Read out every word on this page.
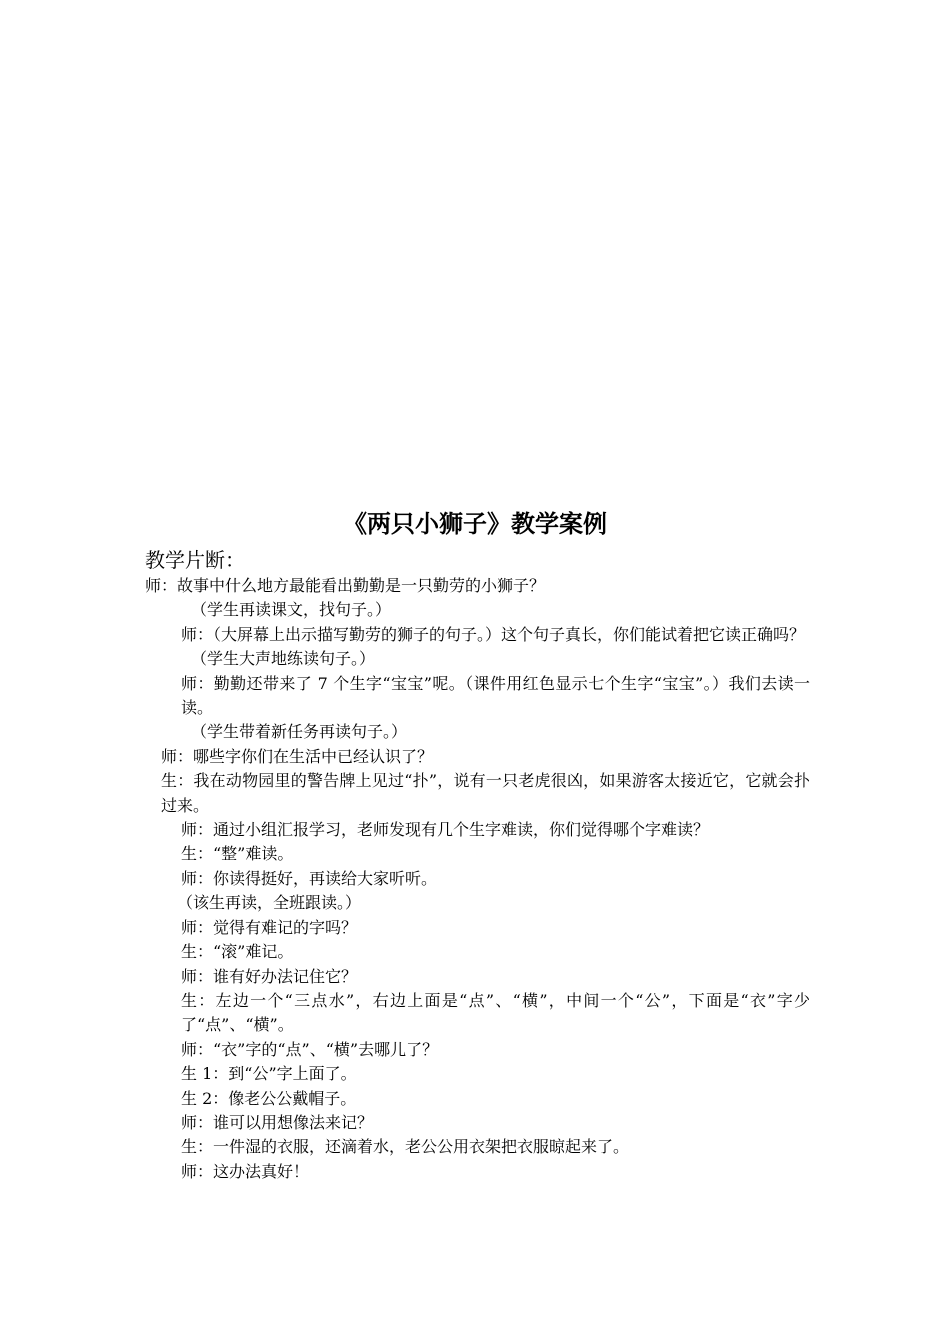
《两只小狮子》教学案例

教学片断：

师：故事中什么地方最能看出勤勤是一只勤劳的小狮子？

（学生再读课文，找句子。）

师：（大屏幕上出示描写勤劳的狮子的句子。）这个句子真长，你们能试着把它读正确吗？

（学生大声地练读句子。）

师：勤勤还带来了 7 个生字“宝宝”呢。（课件用红色显示七个生字“宝宝”。）我们去读一读。

（学生带着新任务再读句子。）

师：哪些字你们在生活中已经认识了？

生：我在动物园里的警告牌上见过“扑”，说有一只老虎很凶，如果游客太接近它，它就会扑过来。

师：通过小组汇报学习，老师发现有几个生字难读，你们觉得哪个字难读？

生：“整”难读。

师：你读得挺好，再读给大家听听。

（该生再读，全班跟读。）

师：觉得有难记的字吗？

生：“滚”难记。

师：谁有好办法记住它？

生：左边一个“三点水”，右边上面是“点”、“横”，中间一个“公”，下面是“衣”字少了“点”、“横”。

师：“衣”字的“点”、“横”去哪儿了？

生 1：到“公”字上面了。

生 2：像老公公戴帽子。

师：谁可以用想像法来记？

生：一件湿的衣服，还滴着水，老公公用衣架把衣服晾起来了。

师：这办法真好！
